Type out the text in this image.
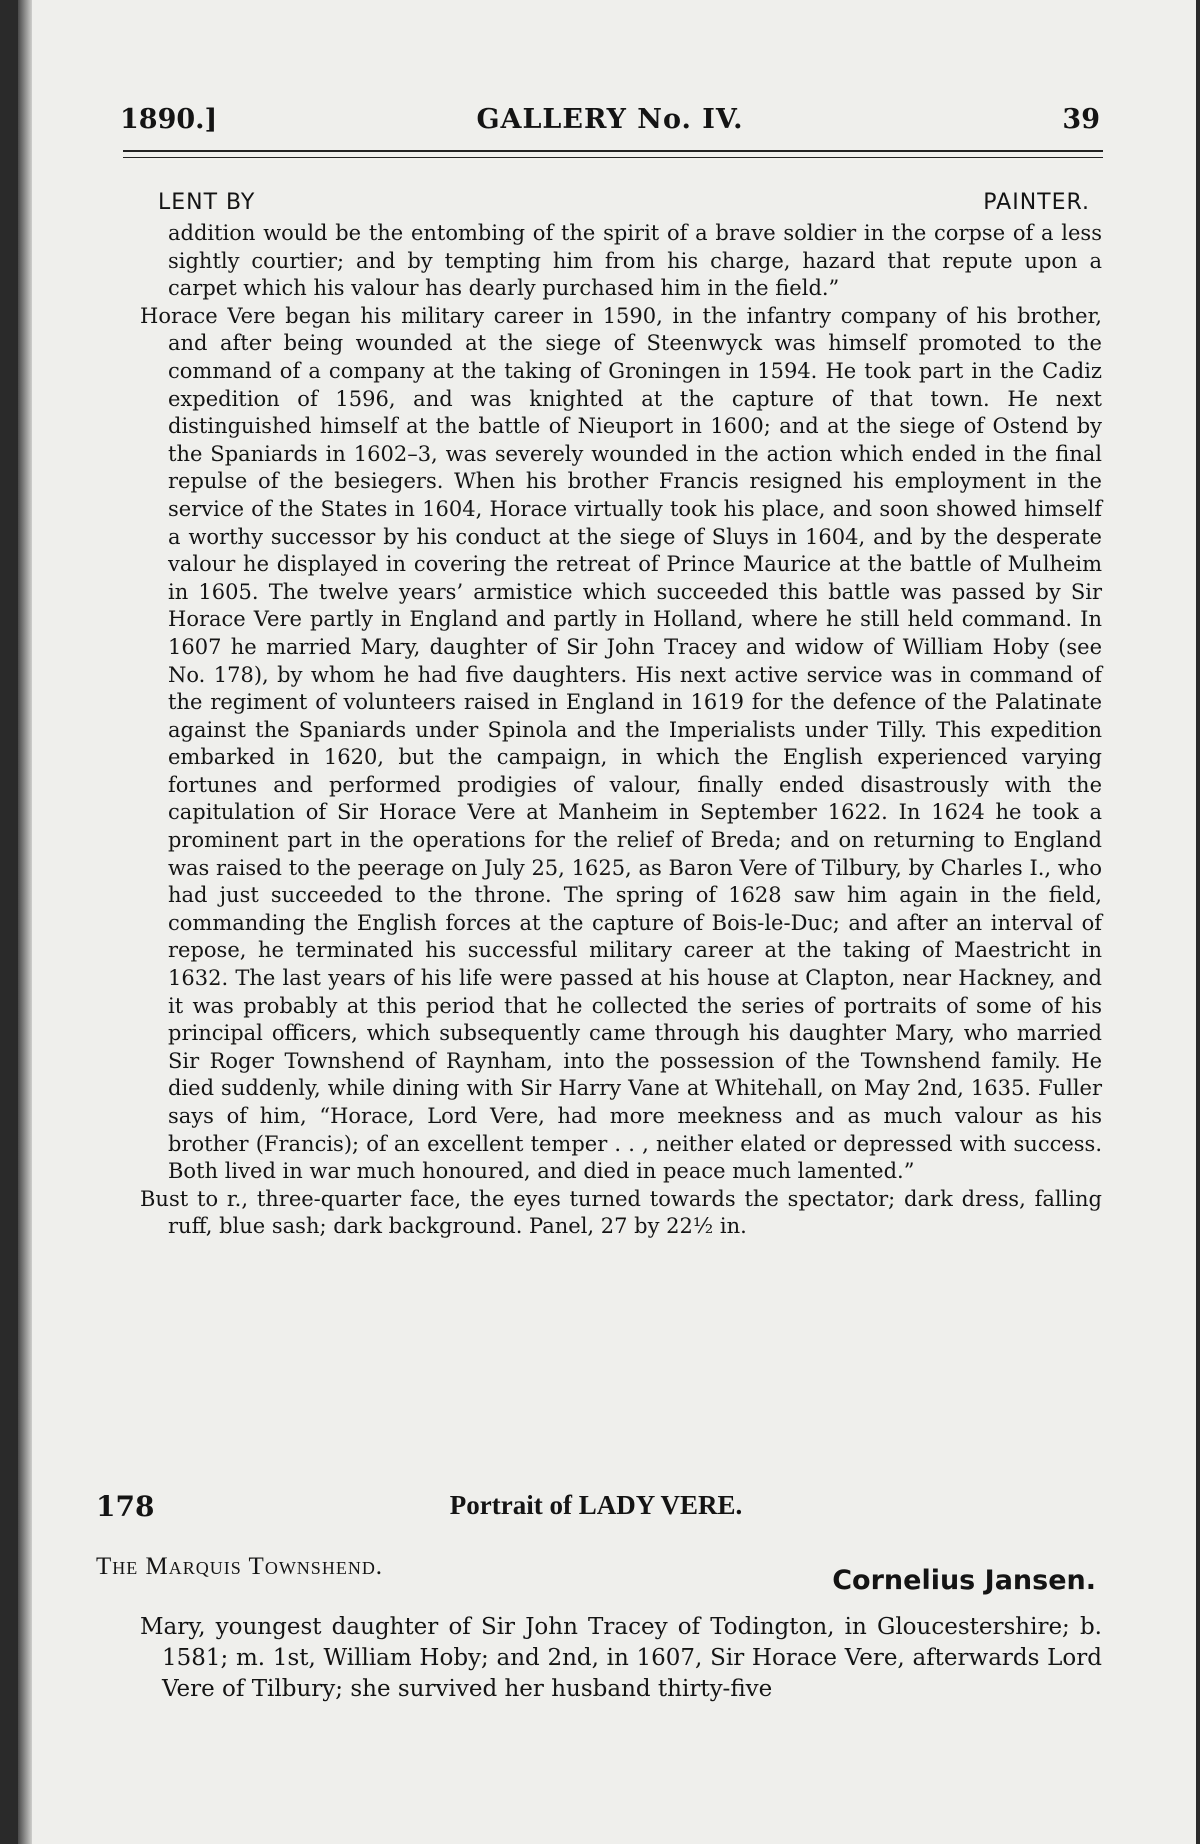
1890.]	GALLERY No. IV.	39
LENT BY	PAINTER.

addition would be the entombing of the spirit of a brave soldier in the corpse of a less sightly courtier; and by tempting him from his charge, hazard that repute upon a carpet which his valour has dearly purchased him in the field.”

Horace Vere began his military career in 1590, in the infantry company of his brother, and after being wounded at the siege of Steenwyck was himself promoted to the command of a company at the taking of Groningen in 1594. He took part in the Cadiz expedition of 1596, and was knighted at the capture of that town. He next distinguished himself at the battle of Nieuport in 1600; and at the siege of Ostend by the Spaniards in 1602–3, was severely wounded in the action which ended in the final repulse of the besiegers. When his brother Francis resigned his employment in the service of the States in 1604, Horace virtually took his place, and soon showed himself a worthy successor by his conduct at the siege of Sluys in 1604, and by the desperate valour he displayed in covering the retreat of Prince Maurice at the battle of Mulheim in 1605. The twelve years’ armistice which succeeded this battle was passed by Sir Horace Vere partly in England and partly in Holland, where he still held command. In 1607 he married Mary, daughter of Sir John Tracey and widow of William Hoby (see No. 178), by whom he had five daughters. His next active service was in command of the regiment of volunteers raised in England in 1619 for the defence of the Palatinate against the Spaniards under Spinola and the Imperialists under Tilly. This expedition embarked in 1620, but the campaign, in which the English experienced varying fortunes and performed prodigies of valour, finally ended disastrously with the capitulation of Sir Horace Vere at Manheim in September 1622. In 1624 he took a prominent part in the operations for the relief of Breda; and on returning to England was raised to the peerage on July 25, 1625, as Baron Vere of Tilbury, by Charles I., who had just succeeded to the throne. The spring of 1628 saw him again in the field, commanding the English forces at the capture of Bois-le-Duc; and after an interval of repose, he terminated his successful military career at the taking of Maestricht in 1632. The last years of his life were passed at his house at Clapton, near Hackney, and it was probably at this period that he collected the series of portraits of some of his principal officers, which subsequently came through his daughter Mary, who married Sir Roger Townshend of Raynham, into the possession of the Townshend family. He died suddenly, while dining with Sir Harry Vane at Whitehall, on May 2nd, 1635. Fuller says of him, “Horace, Lord Vere, had more meekness and as much valour as his brother (Francis); of an excellent temper . . , neither elated or depressed with success. Both lived in war much honoured, and died in peace much lamented.”

Bust to r., three-quarter face, the eyes turned towards the spectator; dark dress, falling ruff, blue sash; dark background. Panel, 27 by 22½ in.

178	Portrait of LADY VERE.
The Marquis Townshend.	Cornelius Jansen.

Mary, youngest daughter of Sir John Tracey of Todington, in Gloucestershire; b. 1581; m. 1st, William Hoby; and 2nd, in 1607, Sir Horace Vere, afterwards Lord Vere of Tilbury; she survived her husband thirty-five
